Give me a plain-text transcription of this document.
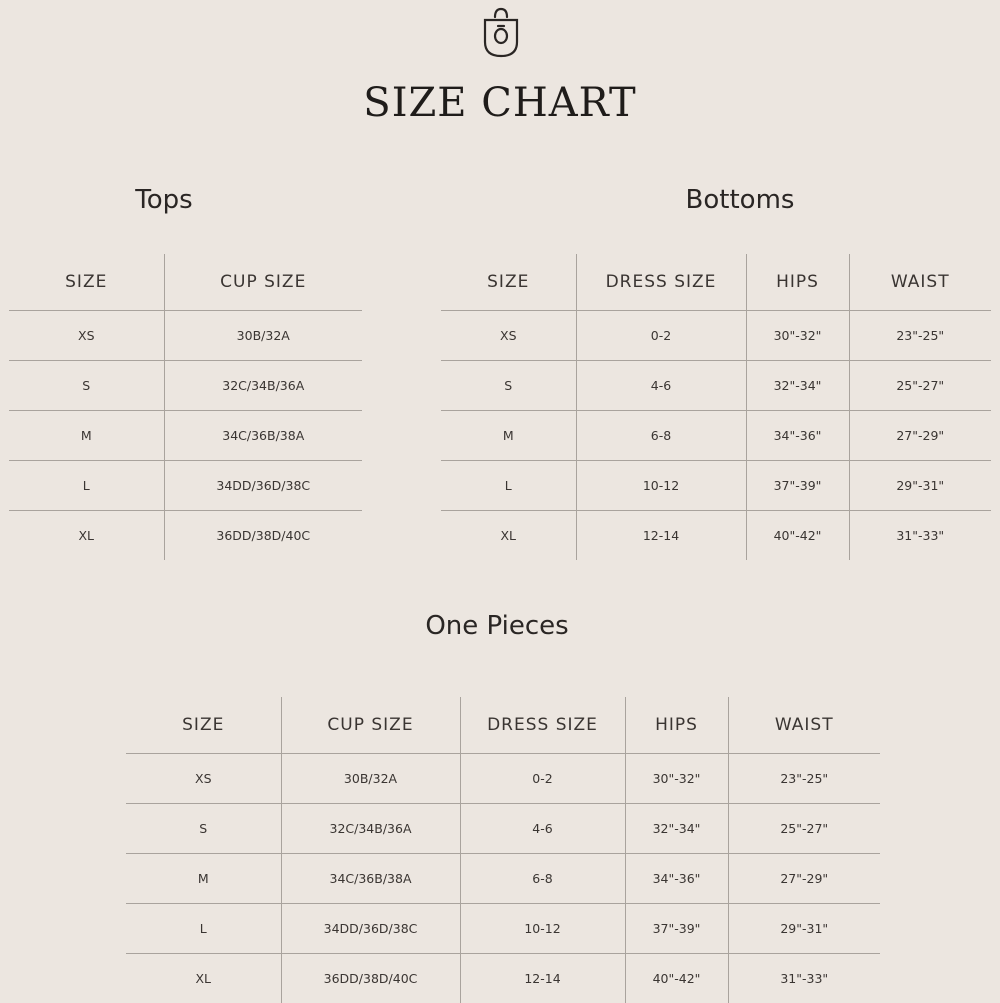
SIZE CHART
Tops	Bottoms
One Pieces
SIZE	CUP SIZE
XS	30B/32A
S	32C/34B/36A
M	34C/36B/38A
L	34DD/36D/38C
XL	36DD/38D/40C
SIZE	DRESS SIZE	HIPS	WAIST
XS	0-2	30"-32"	23"-25"
S	4-6	32"-34"	25"-27"
M	6-8	34"-36"	27"-29"
L	10-12	37"-39"	29"-31"
XL	12-14	40"-42"	31"-33"
SIZE	CUP SIZE	DRESS SIZE	HIPS	WAIST
XS	30B/32A	0-2	30"-32"	23"-25"
S	32C/34B/36A	4-6	32"-34"	25"-27"
M	34C/36B/38A	6-8	34"-36"	27"-29"
L	34DD/36D/38C	10-12	37"-39"	29"-31"
XL	36DD/38D/40C	12-14	40"-42"	31"-33"
